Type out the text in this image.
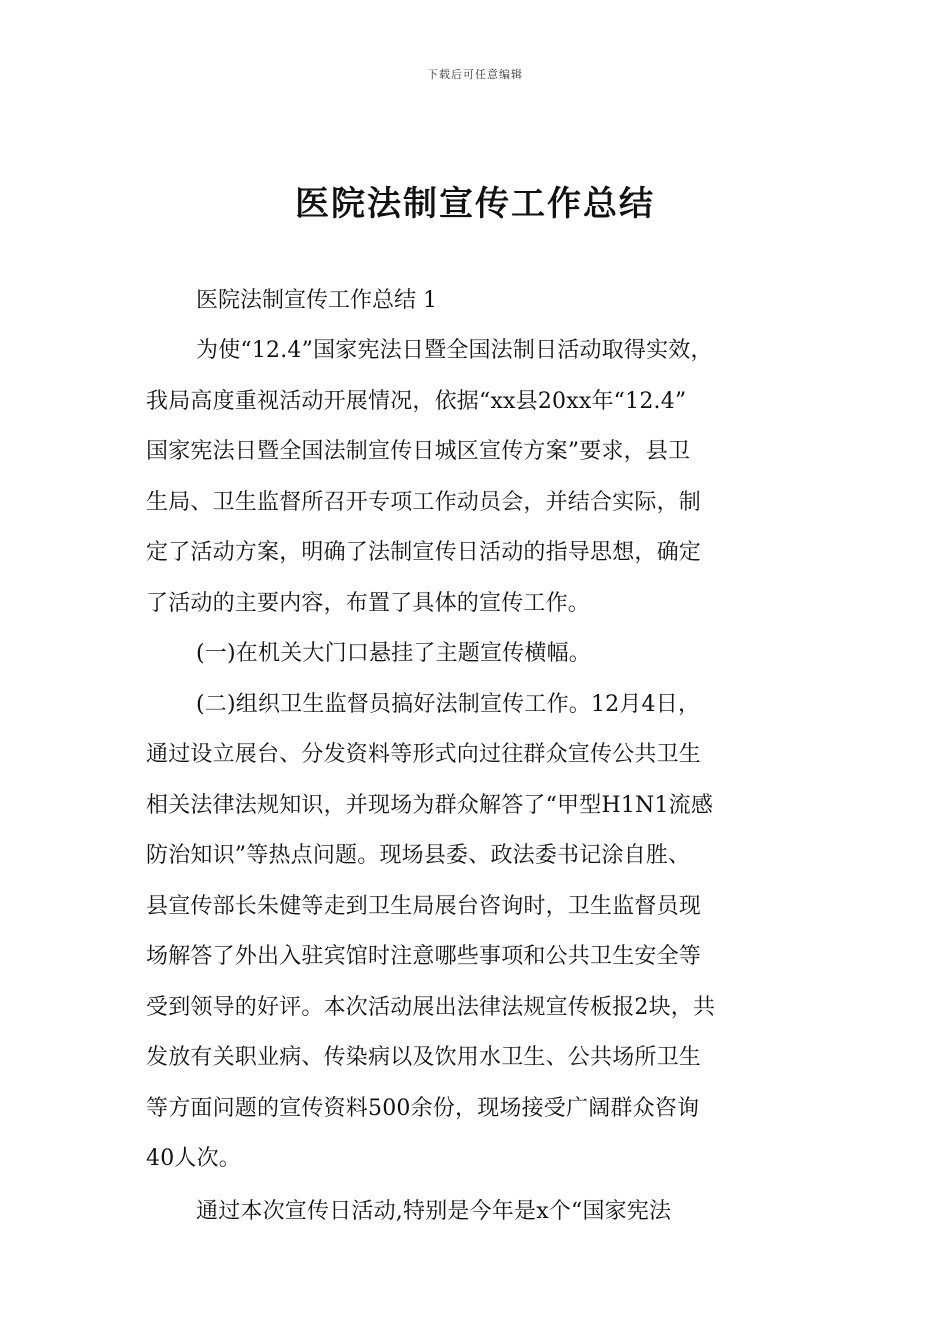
下载后可任意编辑
医院法制宣传工作总结

医院法制宣传工作总结 1

为使“12.4”国家宪法日暨全国法制日活动取得实效，
我局高度重视活动开展情况，依据“xx县20xx年“12.4”
国家宪法日暨全国法制宣传日城区宣传方案”要求，县卫
生局、卫生监督所召开专项工作动员会，并结合实际，制
定了活动方案，明确了法制宣传日活动的指导思想，确定
了活动的主要内容，布置了具体的宣传工作。
(一)在机关大门口悬挂了主题宣传横幅。
(二)组织卫生监督员搞好法制宣传工作。12月4日，
通过设立展台、分发资料等形式向过往群众宣传公共卫生
相关法律法规知识，并现场为群众解答了“甲型H1N1流感
防治知识”等热点问题。现场县委、政法委书记涂自胜、
县宣传部长朱健等走到卫生局展台咨询时，卫生监督员现
场解答了外出入驻宾馆时注意哪些事项和公共卫生安全等
受到领导的好评。本次活动展出法律法规宣传板报2块，共
发放有关职业病、传染病以及饮用水卫生、公共场所卫生
等方面问题的宣传资料500余份，现场接受广阔群众咨询
40人次。
通过本次宣传日活动,特别是今年是x个“国家宪法
